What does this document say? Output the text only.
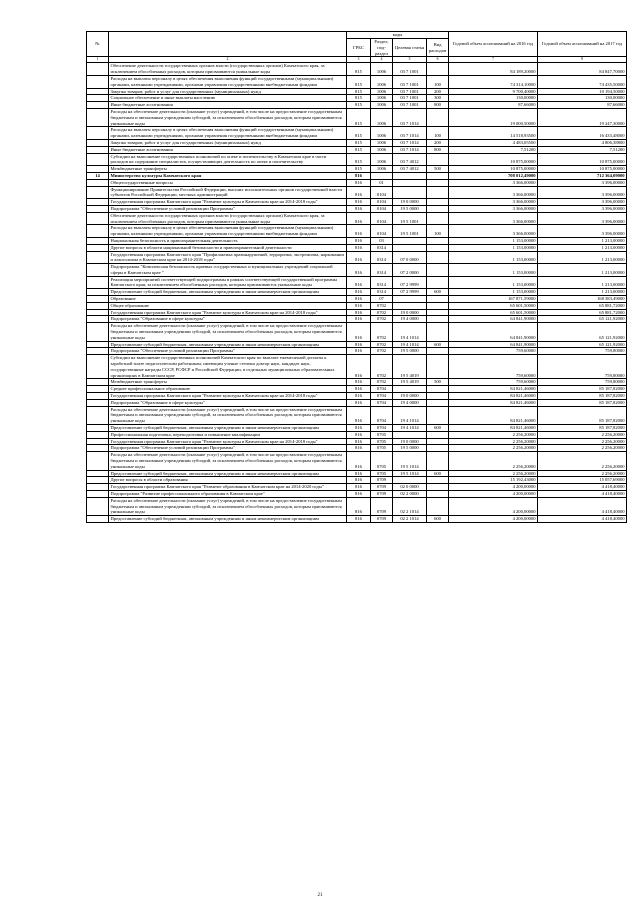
№		коды				Годовой объем ассигнований на 2016 год	Годовой объем ассигнований на 2017 год
		ГРБС	Раздел, под-раздел	Целевая статья	Вид расходов		
1	2	3	4	5	6	7	8
	Обеспечение деятельности государственных органов власти (государственных органов) Камчатского края, за исключением обособленных расходов, которым присваиваются уникальные коды	815	1006	03 7 1001		84 189,20000	84 847,70000
	Расходы на выплаты персоналу в целях обеспечения выполнения функций государственными (муниципальными) органами, казенными учреждениями, органами управления государственными внебюджетными фондами	815	1006	03 7 1001	100	74 314,10000	74 435,50000
	Закупка товаров, работ и услуг для государственных (муниципальных) нужд	815	1006	03 7 1001	200	9 700,40000	10 194,50000
	Социальное обеспечение и иные выплаты населению	815	1006	03 7 1001	300	130,00000	130,00000
	Иные бюджетные ассигнования	815	1006	03 7 1001	800	87,66000	87,66000
	Расходы на обеспечение деятельности (оказание услуг) учреждений, в том числе на предоставление государственным бюджетным и автономным учреждениям субсидий, за исключением обособленных расходов, которым присваиваются уникальные коды	815	1006	03 7 1014		19 000,50000	19 247,30000
	Расходы на выплаты персоналу в целях обеспечения выполнения функций государственными (муниципальными) органами, казенными учреждениями, органами управления государственными внебюджетными фондами	815	1006	03 7 1014	100	14 518,93500	16 433,48000
	Закупка товаров, работ и услуг для государственных (муниципальных) нужд	815	1006	03 7 1014	200	4 483,05500	4 806,38800
	Иные бюджетные ассигнования	815	1006	03 7 1014	800	7,51200	7,51200
	Субсидии на выполнение государственных полномочий по опеке и попечительству в Камчатском крае в части расходов на содержание специалистов, осуществляющих деятельность по опеке и попечительству	815	1006	03 7 4012		10 875,00000	10 875,00000
	Межбюджетные трансферты	815	1006	03 7 4012	500	10 875,00000	10 875,00000
14	Министерство культуры Камчатского края	816				708 012,49000	712 364,09000
	Общегосударственные вопросы	816	01			3 366,00000	3 396,00000
	Функционирование Правительства Российской Федерации, высших исполнительных органов государственной власти субъектов Российской Федерации, местных администраций	816	0104			3 366,00000	3 396,00000
	Государственная программа Камчатского края "Развитие культуры в Камчатском крае на 2014-2018 годы"	816	0104	19 0 0000		3 366,00000	3 396,00000
	Подпрограмма "Обеспечение условий реализации Программы"	816	0104	19 5 0000		3 366,00000	3 396,00000
	Обеспечение деятельности государственных органов власти (государственных органов) Камчатского края, за исключением обособленных расходов, которым присваиваются уникальные коды	816	0104	19 5 1001		3 366,00000	3 396,00000
	Расходы на выплаты персоналу в целях обеспечения выполнения функций государственными (муниципальными) органами, казенными учреждениями, органами управления государственными внебюджетными фондами	816	0104	19 5 1001	100	3 366,00000	3 396,00000
	Национальная безопасность и правоохранительная деятельность	816	03			1 153,00000	1 213,00000
	Другие вопросы в области национальной безопасности и правоохранительной деятельности	816	0314			1 153,00000	1 213,00000
	Государственная программа Камчатского края "Профилактика правонарушений, терроризма, экстремизма, наркомании и алкоголизма в Камчатском крае на 2014-2018 годы"	816	0314	07 0 0000		1 153,00000	1 213,00000
	Подпрограмма "Комплексная безопасность краевых государственных и муниципальных учреждений социальной сферы в Камчатском крае "	816	0314	07 2 0000		1 153,00000	1 213,00000
	Реализация мероприятий соответствующей подпрограммы в рамках соответствующей государственной программы Камчатского края, за исключением обособленных расходов, которым присваиваются уникальные коды	816	0314	07 2 9999		1 153,00000	1 213,00000
	Предоставление субсидий бюджетным, автономным учреждениям и иным некоммерческим организациям	816	0314	07 2 9999	600	1 153,00000	1 213,00000
	Образование	816	07			167 871,59000	168 383,49000
	Общее образование	816	0702			65 601,50000	65 881,72000
	Государственная программа Камчатского края "Развитие культуры в Камчатском крае на 2014-2018 годы"	816	0702	19 0 0000		65 601,50000	65 881,72000
	Подпрограмма "Образование в сфере культуры"	816	0702	19 4 0000		64 841,90000	65 121,92000
	Расходы на обеспечение деятельности (оказание услуг) учреждений, в том числе на предоставление государственным бюджетным и автономным учреждениям субсидий, за исключением обособленных расходов, которым присваиваются уникальные коды	816	0702	19 4 1014		64 841,90000	65 121,92000
	Предоставление субсидий бюджетным, автономным учреждениям и иным некоммерческим организациям	816	0702	19 4 1014	600	64 841,90000	65 121,92000
	Подпрограмма "Обеспечение условий реализации Программы"	816	0702	19 5 0000		759,60000	759,80000
	Субсидии на выполнение государственных полномочий Камчатского края по выплате ежемесячной доплаты к заработной плате педагогическим работникам, имеющим ученые степени доктор наук, кандидат наук, государственные награды СССР, РСФСР и Российской Федерации, в отдельных муниципальных образовательных организациях в Камчатском крае	816	0702	19 5 4019		759,60000	759,80000
	Межбюджетные трансферты	816	0702	19 5 4019	500	759,60000	759,80000
	Среднее профессиональное образование	816	0704			84 821,46000	85 187,82000
	Государственная программа Камчатского края "Развитие культуры в Камчатском крае на 2014-2018 годы"	816	0704	19 0 0000		84 821,46000	85 187,82000
	Подпрограмма "Образование в сфере культуры"	816	0704	19 4 0000		84 821,46000	85 187,82000
	Расходы на обеспечение деятельности (оказание услуг) учреждений, в том числе на предоставление государственным бюджетным и автономным учреждениям субсидий, за исключением обособленных расходов, которым присваиваются уникальные коды	816	0704	19 4 1014		84 821,46000	85 187,82000
	Предоставление субсидий бюджетным, автономным учреждениям и иным некоммерческим организациям	816	0704	19 4 1014	600	84 821,46000	85 187,82000
	Профессиональная подготовка, переподготовка и повышение квалификации	816	0705			2 256,20000	2 256,20000
	Государственная программа Камчатского края "Развитие культуры в Камчатском крае на 2014-2018 годы"	816	0705	19 0 0000		2 256,20000	2 256,20000
	Подпрограмма "Обеспечение условий реализации Программы"	816	0705	19 5 0000		2 256,20000	2 256,20000
	Расходы на обеспечение деятельности (оказание услуг) учреждений, в том числе на предоставление государственным бюджетным и автономным учреждениям субсидий, за исключением обособленных расходов, которым присваиваются уникальные коды	816	0705	19 5 1014		2 256,20000	2 256,20000
	Предоставление субсидий бюджетным, автономным учреждениям и иным некоммерческим организациям	816	0705	19 5 1014	600	2 256,20000	2 256,20000
	Другие вопросы в области образования	816	0709			15 192,43000	15 057,69000
	Государственная программа Камчатского края "Развитие образования в Камчатском крае на 2014-2020 годы"	816	0709	02 0 0000		4 200,00000	4 418,40000
	Подпрограмма "Развитие профессионального образования в Камчатском крае"	816	0709	02 2 0000		4 200,00000	4 418,40000
	Расходы на обеспечение деятельности (оказание услуг) учреждений, в том числе на предоставление государственным бюджетным и автономным учреждениям субсидий, за исключением обособленных расходов, которым присваиваются уникальные коды	816	0709	02 2 1014		4 200,00000	4 418,40000
	Предоставление субсидий бюджетным, автономным учреждениям и иным некоммерческим организациям	816	0709	02 2 1014	600	4 200,00000	4 418,40000
21
